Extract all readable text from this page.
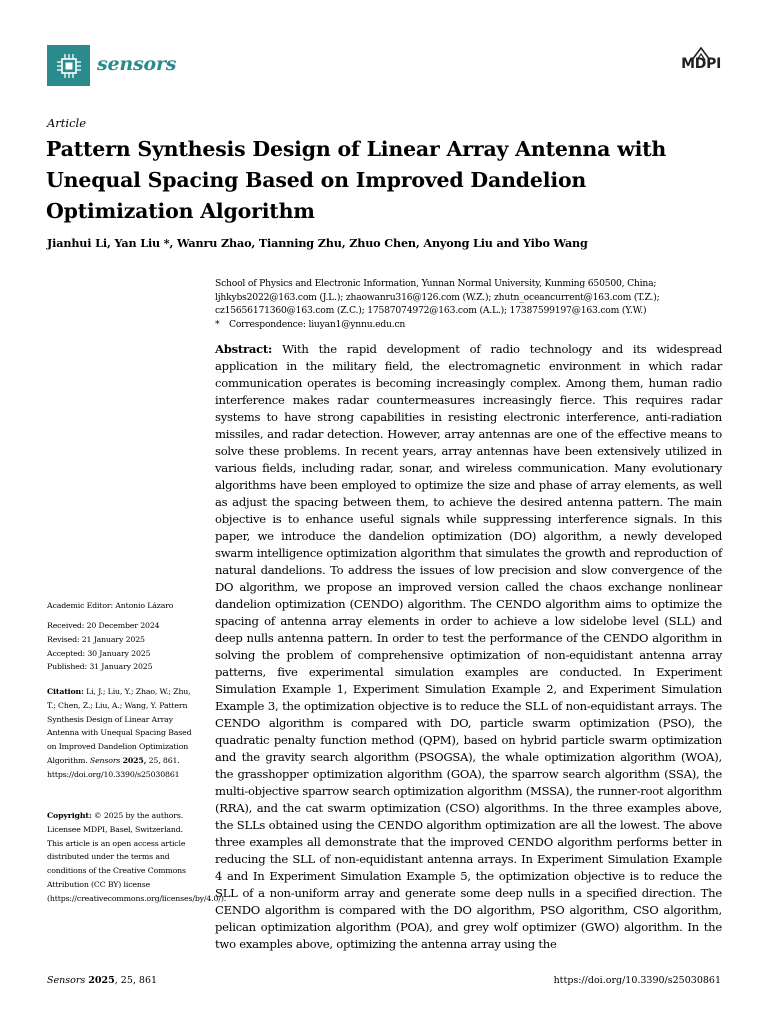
sensors	MDPI
Article
Pattern Synthesis Design of Linear Array Antenna with Unequal Spacing Based on Improved Dandelion Optimization Algorithm
Jianhui Li, Yan Liu *, Wanru Zhao, Tianning Zhu, Zhuo Chen, Anyong Liu and Yibo Wang
School of Physics and Electronic Information, Yunnan Normal University, Kunming 650500, China;
ljhkybs2022@163.com (J.L.); zhaowanru316@126.com (W.Z.); zhutn_oceancurrent@163.com (T.Z.);
cz15656171360@163.com (Z.C.); 17587074972@163.com (A.L.); 17387599197@163.com (Y.W.)
* Correspondence: liuyan1@ynnu.edu.cn
Abstract: With the rapid development of radio technology and its widespread application in the military field, the electromagnetic environment in which radar communication operates is becoming increasingly complex. Among them, human radio interference makes radar countermeasures increasingly fierce. This requires radar systems to have strong capabilities in resisting electronic interference, anti-radiation missiles, and radar detection. However, array antennas are one of the effective means to solve these problems. In recent years, array antennas have been extensively utilized in various fields, including radar, sonar, and wireless communication. Many evolutionary algorithms have been employed to optimize the size and phase of array elements, as well as adjust the spacing between them, to achieve the desired antenna pattern. The main objective is to enhance useful signals while suppressing interference signals. In this paper, we introduce the dandelion optimization (DO) algorithm, a newly developed swarm intelligence optimization algorithm that simulates the growth and reproduction of natural dandelions. To address the issues of low precision and slow convergence of the DO algorithm, we propose an improved version called the chaos exchange nonlinear dandelion optimization (CENDO) algorithm. The CENDO algorithm aims to optimize the spacing of antenna array elements in order to achieve a low sidelobe level (SLL) and deep nulls antenna pattern. In order to test the performance of the CENDO algorithm in solving the problem of comprehensive optimization of non-equidistant antenna array patterns, five experimental simulation examples are conducted. In Experiment Simulation Example 1, Experiment Simulation Example 2, and Experiment Simulation Example 3, the optimization objective is to reduce the SLL of non-equidistant arrays. The CENDO algorithm is compared with DO, particle swarm optimization (PSO), the quadratic penalty function method (QPM), based on hybrid particle swarm optimization and the gravity search algorithm (PSOGSA), the whale optimization algorithm (WOA), the grasshopper optimization algorithm (GOA), the sparrow search algorithm (SSA), the multi-objective sparrow search optimization algorithm (MSSA), the runner-root algorithm (RRA), and the cat swarm optimization (CSO) algorithms. In the three examples above, the SLLs obtained using the CENDO algorithm optimization are all the lowest. The above three examples all demonstrate that the improved CENDO algorithm performs better in reducing the SLL of non-equidistant antenna arrays. In Experiment Simulation Example 4 and In Experiment Simulation Example 5, the optimization objective is to reduce the SLL of a non-uniform array and generate some deep nulls in a specified direction. The CENDO algorithm is compared with the DO algorithm, PSO algorithm, CSO algorithm, pelican optimization algorithm (POA), and grey wolf optimizer (GWO) algorithm. In the two examples above, optimizing the antenna array using the
Academic Editor: Antonio Lázaro
Received: 20 December 2024
Revised: 21 January 2025
Accepted: 30 January 2025
Published: 31 January 2025
Citation: Li, J.; Liu, Y.; Zhao, W.; Zhu, T.; Chen, Z.; Liu, A.; Wang, Y. Pattern Synthesis Design of Linear Array Antenna with Unequal Spacing Based on Improved Dandelion Optimization Algorithm. Sensors 2025, 25, 861. https://doi.org/10.3390/s25030861
Copyright: © 2025 by the authors. Licensee MDPI, Basel, Switzerland. This article is an open access article distributed under the terms and conditions of the Creative Commons Attribution (CC BY) license (https://creativecommons.org/licenses/by/4.0/).
Sensors 2025, 25, 861	https://doi.org/10.3390/s25030861
